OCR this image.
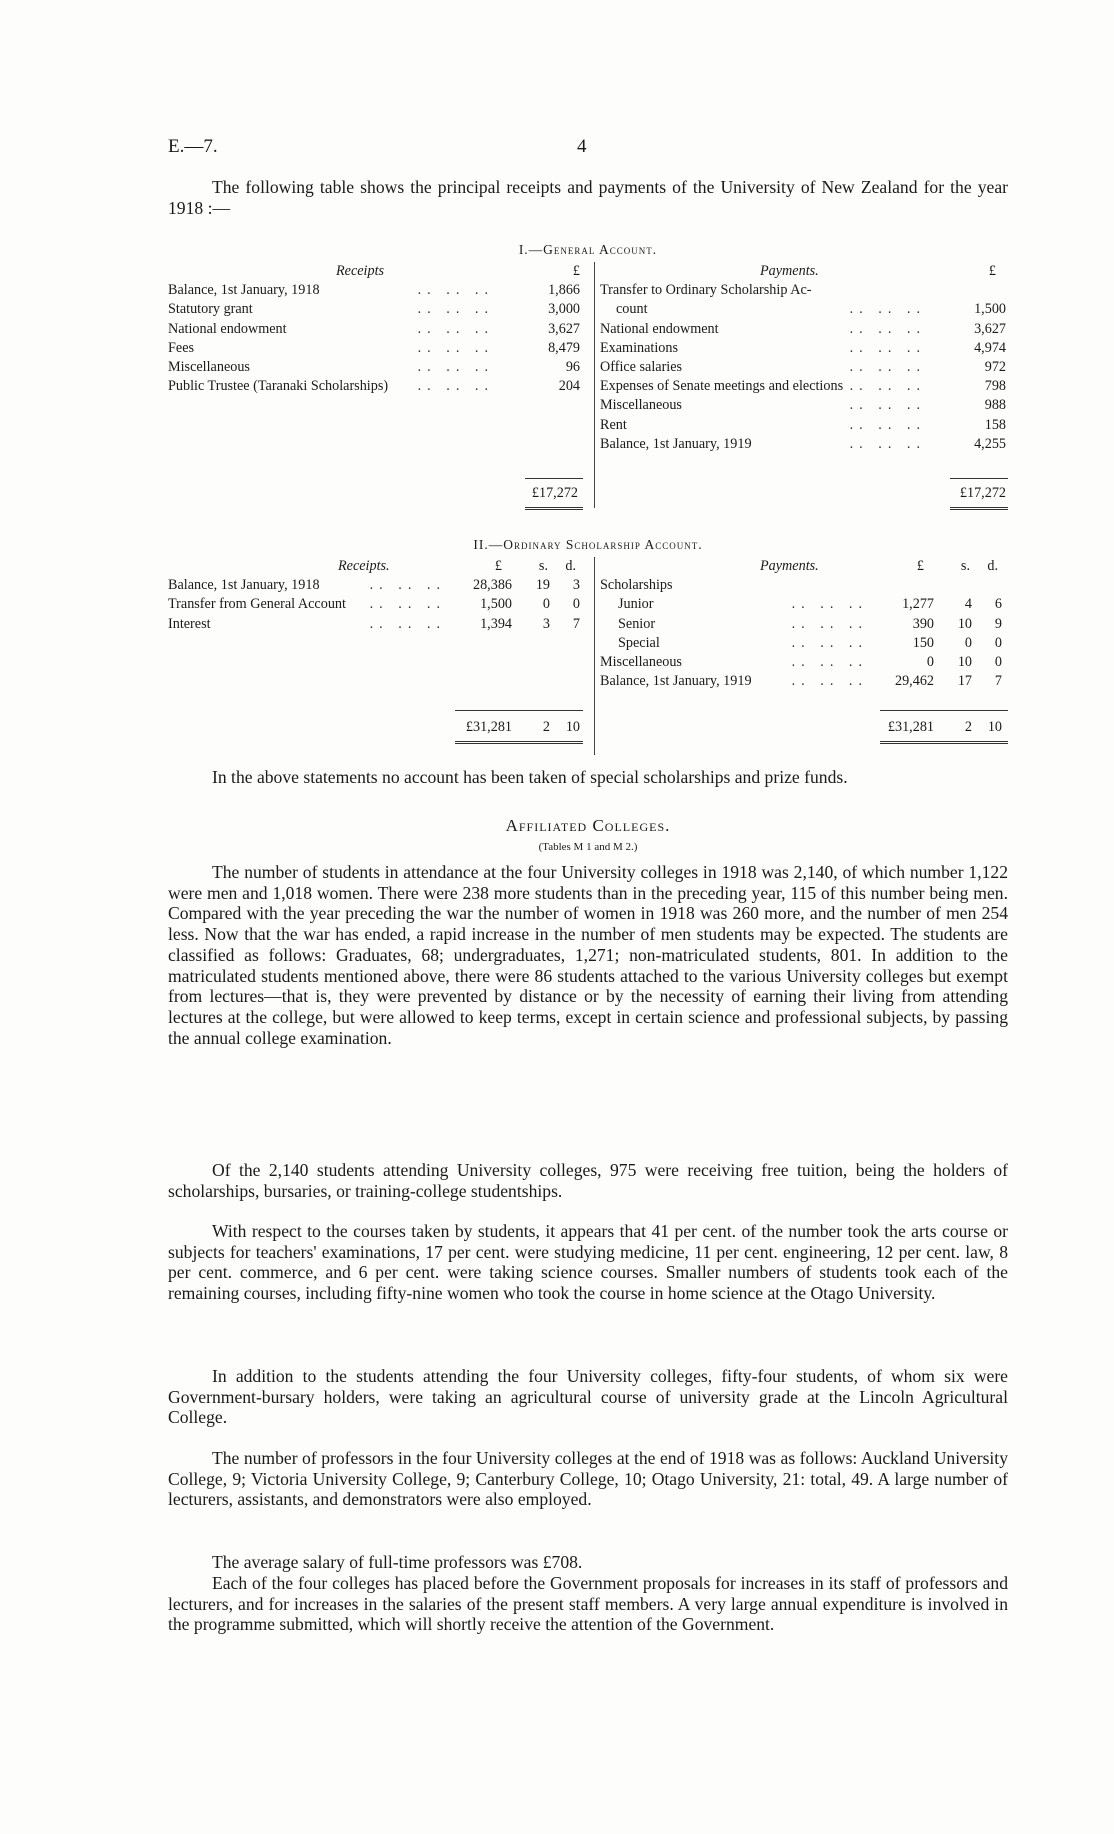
E.—7.	4
The following table shows the principal receipts and payments of the University of New Zealand for the year 1918 :—
I.—General Account.
Receipts	£
Balance, 1st January, 1918	.. .. ..	1,866
Statutory grant	.. .. ..	3,000
National endowment	.. .. ..	3,627
Fees	.. .. ..	8,479
Miscellaneous	.. .. ..	96
Public Trustee (Taranaki Scholarships) .. .. ..	204
Payments.	£
Transfer to Ordinary Scholarship Ac-
count	.. .. ..	1,500
National endowment	.. .. ..	3,627
Examinations	.. .. ..	4,974
Office salaries	.. .. ..	972
Expenses of Senate meetings and elections .. .. ..	798
Miscellaneous	.. .. ..	988
Rent	.. .. ..	158
Balance, 1st January, 1919	.. .. ..	4,255
£17,272	£17,272
II.—Ordinary Scholarship Account.
Receipts.	£	s. d.
Balance, 1st January, 1918	.. .. .. 28,386 19 3
Transfer from General Account .. .. .. 1,500 0 0
Interest	.. .. .. 1,394 3 7
Payments.	£	s. d.
Scholarships
Junior	.. .. .. 1,277 4 6
Senior	.. .. ..	390 10 9
Special	.. .. ..	150 0 0
Miscellaneous	.. .. ..	0 10 0
Balance, 1st January, 1919	.. .. .. 29,462 17 7
£31,281 2 10	£31,281 2 10
In the above statements no account has been taken of special scholarships and prize funds.
Affiliated Colleges.
(Tables M 1 and M 2.)
The number of students in attendance at the four University colleges in 1918 was 2,140, of which number 1,122 were men and 1,018 women. There were 238 more students than in the preceding year, 115 of this number being men. Compared with the year preceding the war the number of women in 1918 was 260 more, and the number of men 254 less. Now that the war has ended, a rapid increase in the number of men students may be expected. The students are classified as follows: Graduates, 68; undergraduates, 1,271; non-matriculated students, 801. In addition to the matriculated students mentioned above, there were 86 students attached to the various University colleges but exempt from lectures—that is, they were prevented by distance or by the necessity of earning their living from attending lectures at the college, but were allowed to keep terms, except in certain science and professional subjects, by passing the annual college examination.
Of the 2,140 students attending University colleges, 975 were receiving free tuition, being the holders of scholarships, bursaries, or training-college studentships.
With respect to the courses taken by students, it appears that 41 per cent. of the number took the arts course or subjects for teachers' examinations, 17 per cent. were studying medicine, 11 per cent. engineering, 12 per cent. law, 8 per cent. commerce, and 6 per cent. were taking science courses. Smaller numbers of students took each of the remaining courses, including fifty-nine women who took the course in home science at the Otago University.
In addition to the students attending the four University colleges, fifty-four students, of whom six were Government-bursary holders, were taking an agricultural course of university grade at the Lincoln Agricultural College.
The number of professors in the four University colleges at the end of 1918 was as follows: Auckland University College, 9; Victoria University College, 9; Canterbury College, 10; Otago University, 21: total, 49. A large number of lecturers, assistants, and demonstrators were also employed.
The average salary of full-time professors was £708.
Each of the four colleges has placed before the Government proposals for increases in its staff of professors and lecturers, and for increases in the salaries of the present staff members. A very large annual expenditure is involved in the programme submitted, which will shortly receive the attention of the Government.
